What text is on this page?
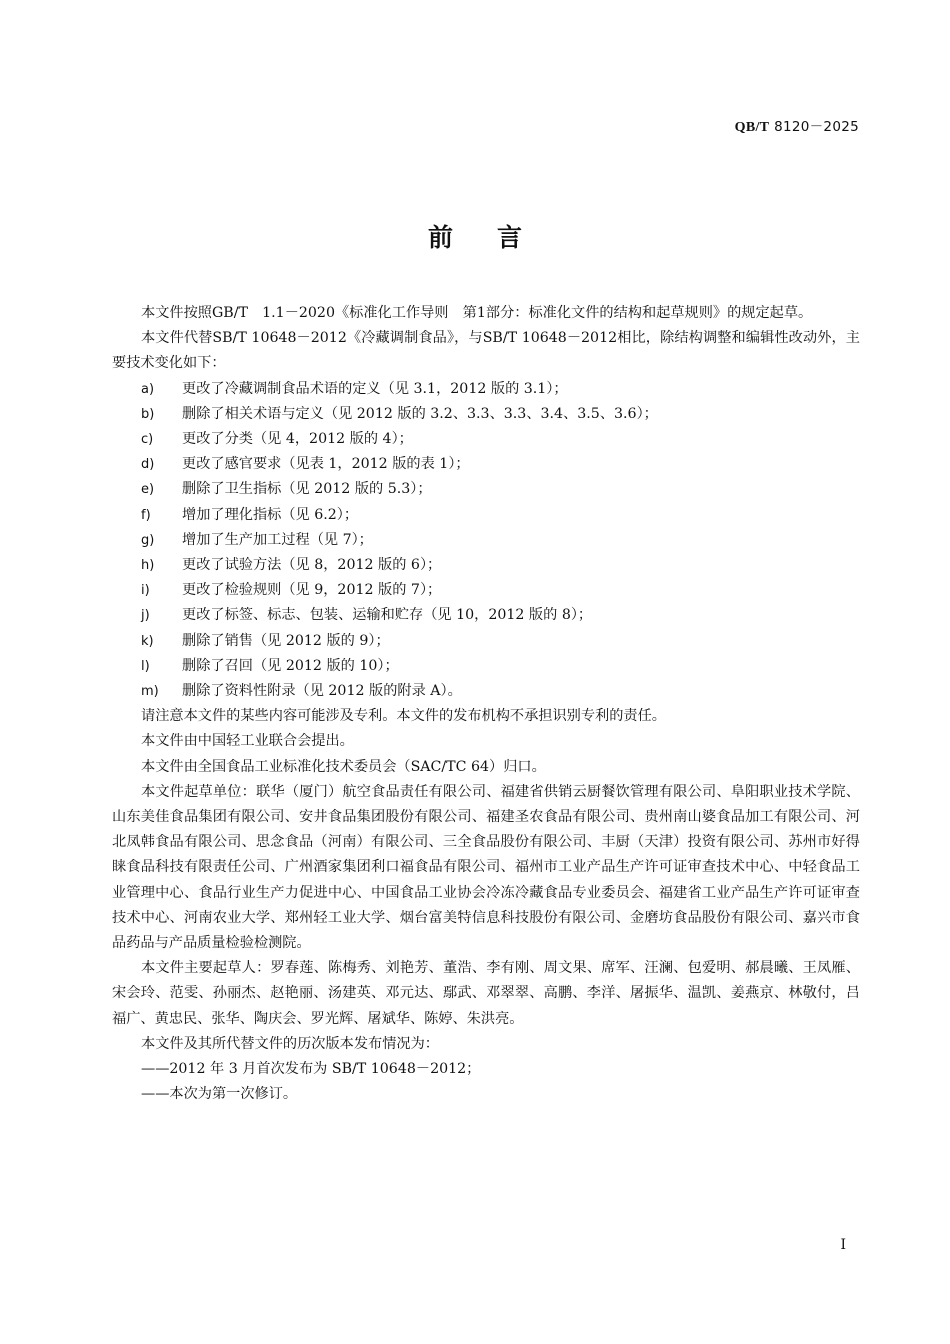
QB/T 8120－2025
前言

本文件按照GB/T　1.1－2020《标准化工作导则　第1部分：标准化文件的结构和起草规则》的规定起草。

本文件代替SB/T 10648－2012《冷藏调制食品》，与SB/T 10648－2012相比，除结构调整和编辑性改动外，主要技术变化如下：

a)	更改了冷藏调制食品术语的定义（见 3.1，2012 版的 3.1）；
b)	删除了相关术语与定义（见 2012 版的 3.2、3.3、3.3、3.4、3.5、3.6）；
c)	更改了分类（见 4，2012 版的 4）；
d)	更改了感官要求（见表 1，2012 版的表 1）；
e)	删除了卫生指标（见 2012 版的 5.3）；
f)	增加了理化指标（见 6.2）；
g)	增加了生产加工过程（见 7）；
h)	更改了试验方法（见 8，2012 版的 6）；
i)	更改了检验规则（见 9，2012 版的 7）；
j)	更改了标签、标志、包装、运输和贮存（见 10，2012 版的 8）；
k)	删除了销售（见 2012 版的 9）；
l)	删除了召回（见 2012 版的 10）；
m)	删除了资料性附录（见 2012 版的附录 A）。

请注意本文件的某些内容可能涉及专利。本文件的发布机构不承担识别专利的责任。

本文件由中国轻工业联合会提出。

本文件由全国食品工业标准化技术委员会（SAC/TC 64）归口。

本文件起草单位：联华（厦门）航空食品责任有限公司、福建省供销云厨餐饮管理有限公司、阜阳职业技术学院、山东美佳食品集团有限公司、安井食品集团股份有限公司、福建圣农食品有限公司、贵州南山婆食品加工有限公司、河北凤韩食品有限公司、思念食品（河南）有限公司、三全食品股份有限公司、丰厨（天津）投资有限公司、苏州市好得睐食品科技有限责任公司、广州酒家集团利口福食品有限公司、福州市工业产品生产许可证审查技术中心、中轻食品工业管理中心、食品行业生产力促进中心、中国食品工业协会冷冻冷藏食品专业委员会、福建省工业产品生产许可证审查技术中心、河南农业大学、郑州轻工业大学、烟台富美特信息科技股份有限公司、金磨坊食品股份有限公司、嘉兴市食品药品与产品质量检验检测院。

本文件主要起草人：罗春莲、陈梅秀、刘艳芳、董浩、李有刚、周文果、席军、汪澜、包爱明、郝晨曦、王凤雁、宋会玲、范雯、孙丽杰、赵艳丽、汤建英、邓元达、鄢武、邓翠翠、高鹏、李洋、屠振华、温凯、姜燕京、林敬付，吕福广、黄忠民、张华、陶庆会、罗光辉、屠斌华、陈婷、朱洪亮。

本文件及其所代替文件的历次版本发布情况为：

——2012 年 3 月首次发布为 SB/T 10648－2012；

——本次为第一次修订。

I
